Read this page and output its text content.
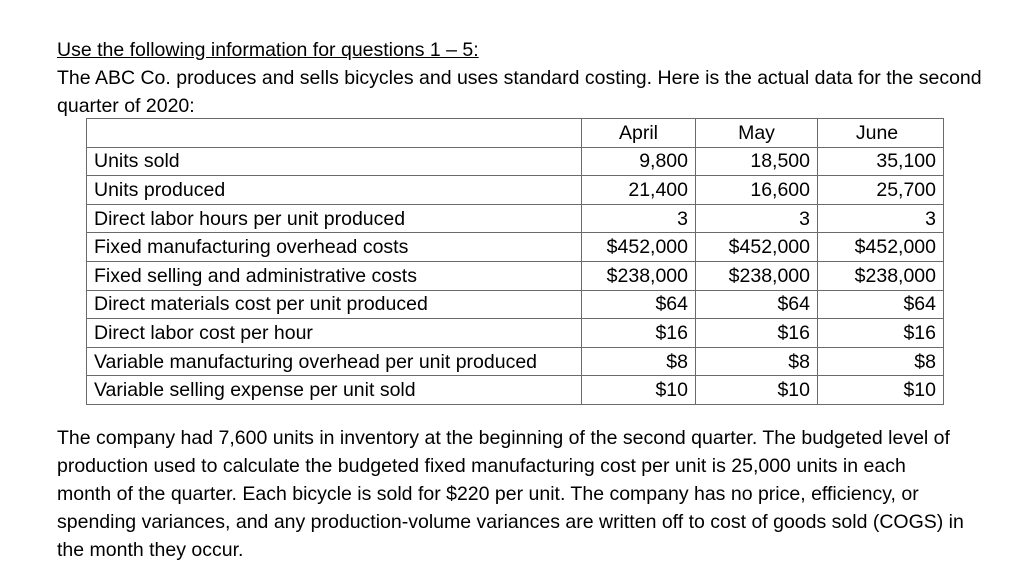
Use the following information for questions 1 – 5:
The ABC Co. produces and sells bicycles and uses standard costing. Here is the actual data for the second
quarter of 2020:
	April	May	June
Units sold	9,800	18,500	35,100
Units produced	21,400	16,600	25,700
Direct labor hours per unit produced	3	3	3
Fixed manufacturing overhead costs	$452,000	$452,000	$452,000
Fixed selling and administrative costs	$238,000	$238,000	$238,000
Direct materials cost per unit produced	$64	$64	$64
Direct labor cost per hour	$16	$16	$16
Variable manufacturing overhead per unit produced	$8	$8	$8
Variable selling expense per unit sold	$10	$10	$10
The company had 7,600 units in inventory at the beginning of the second quarter. The budgeted level of
production used to calculate the budgeted fixed manufacturing cost per unit is 25,000 units in each
month of the quarter. Each bicycle is sold for $220 per unit. The company has no price, efficiency, or
spending variances, and any production-volume variances are written off to cost of goods sold (COGS) in
the month they occur.
